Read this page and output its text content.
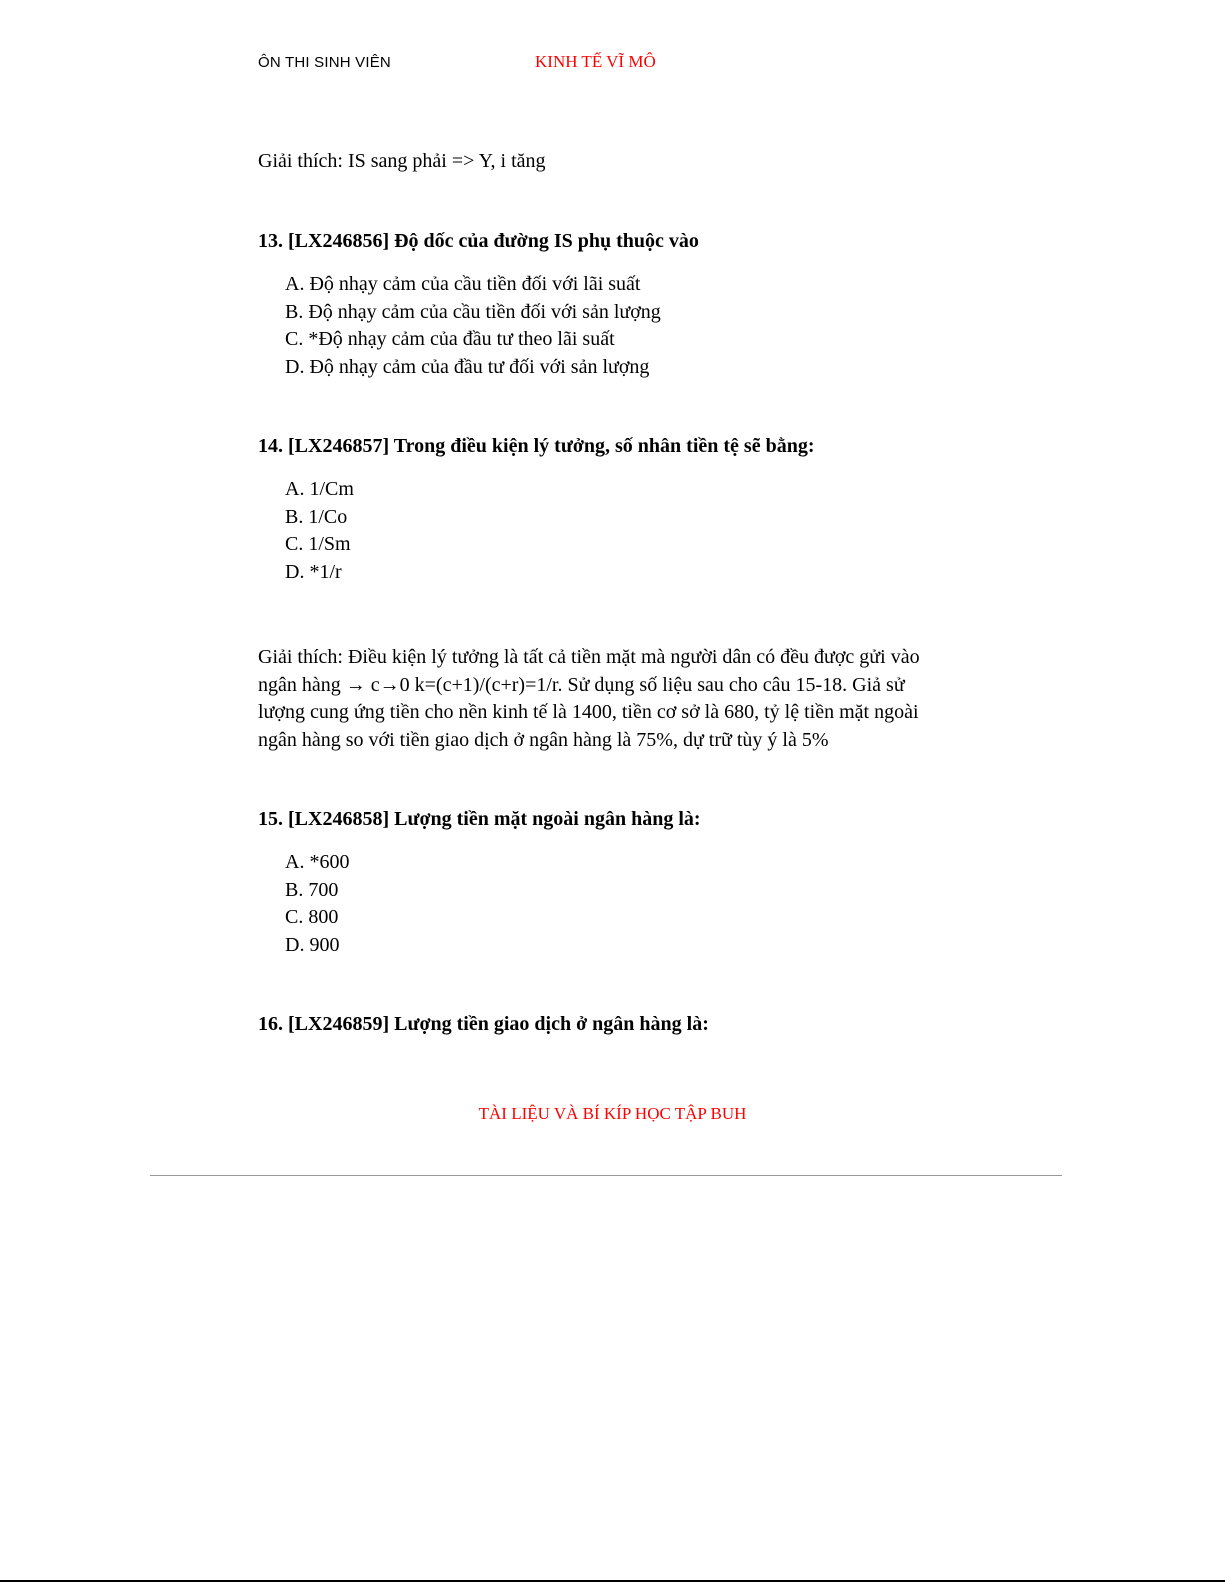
ÔN THI SINH VIÊN	KINH TẾ VĨ MÔ
Giải thích: IS sang phải => Y, i tăng
13. [LX246856] Độ dốc của đường IS phụ thuộc vào
A. Độ nhạy cảm của cầu tiền đối với lãi suất
B. Độ nhạy cảm của cầu tiền đối với sản lượng
C. *Độ nhạy cảm của đầu tư theo lãi suất
D. Độ nhạy cảm của đầu tư đối với sản lượng
14. [LX246857] Trong điều kiện lý tưởng, số nhân tiền tệ sẽ bằng:
A. 1/Cm
B. 1/Co
C. 1/Sm
D. *1/r
Giải thích: Điều kiện lý tưởng là tất cả tiền mặt mà người dân có đều được gửi vào
ngân hàng → c→0 k=(c+1)/(c+r)=1/r. Sử dụng số liệu sau cho câu 15-18. Giả sử
lượng cung ứng tiền cho nền kinh tế là 1400, tiền cơ sở là 680, tỷ lệ tiền mặt ngoài
ngân hàng so với tiền giao dịch ở ngân hàng là 75%, dự trữ tùy ý là 5%
15. [LX246858] Lượng tiền mặt ngoài ngân hàng là:
A. *600
B. 700
C. 800
D. 900
16. [LX246859] Lượng tiền giao dịch ở ngân hàng là:
TÀI LIỆU VÀ BÍ KÍP HỌC TẬP BUH
